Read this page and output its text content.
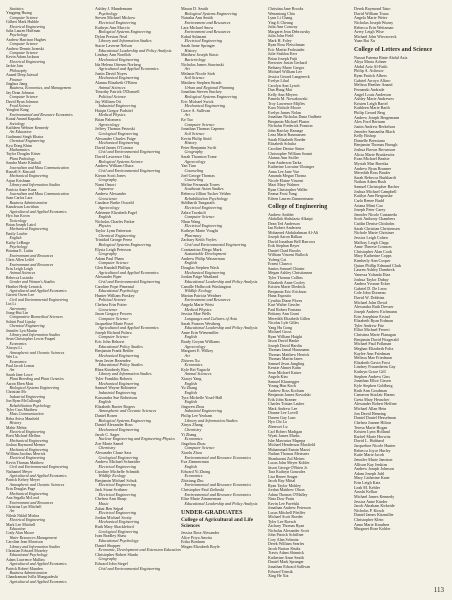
Statistics
Yingping Huang
Computer Science
Gilbert Mark Hubble
Electrical Engineering
Julia Lauren Huffman
Psychology
Andrew Harrison Hughes
Computer Science
Andrew Dennis Iwanski
Computer Science
Kevin Adam Jackson
Electrical Engineering
Jackie Jain
Philosophy
Anand Deep Jaiswal
Finance
Jinghua Jiang
Business, Economics, and Management
Jay Dean Johnson
Computer Science
David Ryan Johnson
Food Science
Yonghui Kang
Environmental and Resource Economics
Kunal Anand Kapadia
Sociology
Kathleen Webster Kennedy
Art Education
Gudimani Singh Khaira
Chemical Engineering
Kyu Dong Khim
Mathematics
Taylor Douglas Kiiser
Plant Pathology
Sandra Marie Kimball
Journalism and Mass Communication
Russell S. Kincaid
Mechanical Engineering
Arjun Krishnan
Library and Information Studies
Patricia Anne Kunz
Journalism and Mass Communication
Juan Carlos Lara
Business Administration
Kanokwan Lawithan
Agricultural and Applied Economics
Hyo Jun Kwon
Toxicology
Brian Joseph Laird
Mechanical Engineering
Emily Lawler
English
Kathy LeBarge
Psychology
Brianna E. Lattin
Environment and Resources
Chris Allen Leffel
Environment and Resources
Erin Leigh Leigh
Animal Sciences
Rebecca Lucinda
Gender and Women's Studies
Heather Hedy Lemrick
Agricultural and Applied Economics
Garrett Owen Lee
Civil and Environmental Engineering
Lin Li
Astronomy
Jiong-Hui Lin
Comparative Biomedical Sciences
Sohini Paul Lipsky
Chemical Engineering
Jennifer Lyn Martin
Library and Information Studies
Sean Christopher Lewis-Faupel
Economics
Xiaoyu Li
Atmospheric and Oceanic Sciences
Wei Lu
Economics
Paul Jacob Lomas
Art
Sarah Jane Lowe
Plant Breeding and Plant Genetics
Aaron Eben Matt
Biological Systems Engineering
Christian Mc
Industrial Engineering
Jon Ryan McCullough
Rehabilitation Psychology
Tyler Cass Matthew
Mass Communication
Reba Aviva Manfield
History
Mahir Mehta
Electrical Engineering
Brett Michael Mellins
Mechanical Engineering
Joshua Raymond Menser
Mechanical Engineering
William Jacobus Merrick
Electrical Engineering
Kevin Thomas Matthew
Civil and Environmental Engineering
Nathaniel Meyer
Agricultural and Applied Economics
Patrick Kelsey Meyer
Atmospheric and Oceanic Sciences
Erin Douglas Page
Mechanical Engineering
Ana Segalla McLeod
Environment and Resources
Christina Lyn Mitchell
Art
Nilesh Nikhil Mishra
Electrical Engineering
Mark Lee Mitchell
Education
Cody Alan Moore
Water Resources Management
Caroline Jean Morrison
Library and Information Studies
Christian Edward Moseley
Educational Psychology
Adam Lawrence Mullins
Agricultural and Applied Economics
Patrick Robert Munden
Business Administration
Chandramani Ivilla Mungsadeshi
Agricultural and Applied Economics
Ashley J. Mundemann
Psychology
Steven Michael Mickow
Electrical Engineering
Kathryn Ann Muccio
Biological Systems Engineering
Dylan Preston Neal
Library and Information Studies
Stacie Laverne Nelson
Educational Leadership and Policy Analysis
Lindsay Ann Nordloh
Mechanical Engineering
Ida Helena Ottesen Norberg
Agricultural and Applied Economics
Justin David Noyes
Mechanical Engineering
Alanna Elizabeth O'Brien
Animal Sciences
Timothy Patrick O'Donnell
Political Science
Jay William Ott
Industrial Engineering
Haiqin Gregor Padsitel
Medical Physics
Brian Palomera
Agroecology
Jeffrey Thomas Petroski
Geological Engineering
Alexander Charles Paige
Mechanical Engineering
David James O'Connor
Civil and Environmental Engineering
David Lawrence Oda
Biological Systems Science
Andrew William Ohara
Civil and Environmental Engineering
Kieran Scott Jones
Geography
Nami Omori
Japanese
Andrew Alexander
Geoscience
Candace Burke Oswald
Agroecology
Adrienne Elizabeth Pagel
English
Nicholas Charles Parker
Physics
Taylor Lynn Patterson
Chemical Engineering
Trinidad George Perez
Biological Systems Engineering
Elysia Leigh Peterson
Geography
Adam Paul Pham
Computer Science
Glen Randall Phillips
Agricultural and Applied Economics
Alexander Piper
Civil and Environmental Engineering
Caroline Pope Pimental
Educational Psychology
Hunter William Pioskey
Political Science
Chelsea Erin Potter
Geoscience
Jason Gregory Powers
Computer Science
Jacqueline Marie Pozzi
Agricultural and Applied Economics
Joseph Richard Pulera
Computer Science
Eric John Rehorst
Educational Policy Studies
Benjamin Frank Rettler
Mechanical Engineering
Sean Javier Rezendez
Educational Policy Studies
Rhea Kimberly Rios
Library and Information Studies
Tyler Franklin Roberts
Mechanical Engineering
Samuel Wayne Robinette
Industrial Engineering
Kassandra Sue Robertson
English
Elizabeth Rueter Rogers
Atmospheric and Oceanic Sciences
Daniel Rosen
Biological Systems Engineering
Daniel Alexander Ross
Mechanical Engineering
Jacob C. Sager
Nuclear Engineering and Engineering Physics
Zoe Marie Samel
Chemistry
Alexander Chase Sass
Geological Engineering
Andrew Michael Schneider
Electrical Engineering
Caroline Michelle Schmidt
Wildlife Ecology
Benjamin Michael Schuk
Electrical Engineering
Jack Stone Scribner
Electrical Engineering
Chelsea Ann Sharp
Music
Zuhai Ben Sejpal
Electrical Engineering
Jordan Michael Scotty
Mechanical Engineering
Ruth Mary Shackleford
Geological Engineering
Ivan Bradley Shaw
Educational Psychology
Daniel Shopper
Economic, Development and Extension Education
Christopher Robert Shuda
Geography
Edward John Siegel
Civil and Environmental Engineering
Mason D. Smith
Biological Systems Engineering
Natasha Ann Smith
Environment and Resources
Lara Michael Snow
Environment and Resources
Kabul Solanani
Electrical Engineering
Sarah Irene Springer
History
Matthew Joseph Stasic
Bacteriology
Nicholas James Stawinski
Art
Melanie Nicole Stob
Soil Science
Matthew Stephen Straub
Urban and Regional Planning
Jonathan Steven Stuckey
Biological Systems Engineering
Eric Michael Swick
Mechanical Engineering
Grace A. Sullivan
Art
Ke Tao
Computer Science
Jonathan Thomas Capener
Soil Science
Kevin Philip Stoid
History
Peter Benjamin Swift
Geography
Sarah Thornton Tome
Agroecology
Yan Tian
Counseling
Joel George Thomas
Counseling
Melise Fernanda Torres
Southeast Asian Studies
Rebecca Jillian Tucker Velden
Rehabilitation Psychology
Siddharth Tungarath
Electrical Engineering
Zahra Tavakoli
Computer Science
Nhan Wang
Electrical Engineering
Kathryn Marie Vought
Pharmacy
Zachary Keith Voyles
Civil and Environmental Engineering
Constantino Diego Mark
Sustainable Development
Andrew Philip Wasserman
English
Douglas Stephen Wash
Mechanical Engineering
Jordan Paige Waatland
Educational Leadership and Policy Analysis
Camille Holbrook Washington
Wildlife Ecology
Marian Patricia Weidner
Environment and Resources
Angela Marie Weist
Medical Physics
Jessica Mae Wells
Languages and Cultures of Asia
Sarah Frances Westberg
Educational Leadership and Policy Analysis
Anne Erin Wiesemiller
English
Brady Gwynn Williams
Agroecology
Margaret E. Wilkey
Art
Zhiwen Xu
Economics
Kyle Rei Yaguchi
Animal Sciences
Xiaoyi Yang
English
Yu Zhang
English
Tyra Michelle Yourl-Hall
English
Jingwen Zhou
Industrial Engineering
Philip Lee Yeoham
Library and Information Studies
Xinyu Zhang
Chemistry
Yi Zhang
Economics
Jingzhou Zhou
Computer Science
Xiaolu Zhou
Environmental and Resource Economics
Eva Zimmerman
English
Edward Yi Zhong
Economics
Zhixiang Zhu
Environmental and Resource Economics
Christopher Paul Zielinski
Environmental and Resource Economics
Elise Marie Zimmerman
Educational Leadership and Policy Analysis
UNDER-GRADUATES
College of Agricultural and Life Sciences
Jessica Rose Alexander
Alice Priya Amrita
Erika Bonham
Megan Elizabeth Boyle
Christina Jane Brooks
Wenantong Chia
Lynn Li Chang
Ying Ji Cheung
Julia Ann Conway
Margaret Jean Debrowsky
Julia John Field
Mark H. Foley
Ryan Ross Fleischman
Eric Martin Frohstader
Julie Stablon Kerr
Brian Joseph Fujii
Brewster Justin Gerhard
Bethany Marie Gregor
Michael William Lee
Jessica Gerard Langeneck
Evelyn Lilad
Carolyn Ann Lynch
Dan Hung Mai
Kelly Ann Meyers
Pamela M. Nowakowski
Troy Lawrence Mijfles
Kara Nichole Moore
Evelyn James Nolan
Jonathan Nicholas Dana Oudbete
Benjamin Michael Plaster
Nicholas Frederick Ponsion
John Barclay Ramage
Lena Marie Rasmussen
Sarah Elizabeth Roeder
Elizabeth Schultz
Caroline Denise Sinter
Christopher William Soumi
Alanna Ann Stoller
Ivan Anderson Tarka
Katherine Lorraine Ubsinger
Anna Lee Jane Vue
Amanda Megan Thoma
Nicole Elaine Vincent
Mazi Mary Walmer
Ryan Christopher Waller
Emma Frost Yang
Eileen Lauren Zimmermann
College of Engineering
Andrew Ambler
Abdallah Abdulaziz Alkaipi
Dean Ted Anderson
Ian Robert Andersen
Mohamed Abdulrahman Al-Ali
Joseph Aaron Balkau
David Jonathan Bell Barrows
Erik Stephan Beyer
Daniel Chad Brooks
William Vincent Bullock
Yufeng Cai
Ernest Claseco
Santos Samuel Chinter
Megan Ashley Christiansen
Tyler Thomas Collins
Elizabeth Anne Cooley
Kristen Marie Diedrick
Benjamin Eric Erickson
Hana Esposito
Cynthia Diane Flores
Kurt Walter Gessler
Paul Robert Fontana
Brittany Ann Grant
Meredith Elizabeth Gillen
Nicolas Lyle Gilles
Yang Hu Gong
Michael Gross
Ryan William Haight
Jason David Hanke
Joseph David Hardin
Thomas Jamal Hausmann
Thomas Matthew Herrick
Thomas Martin Janes
Samuel Jesus Jungling
Kenzie Ahmet Kahn
Sean Michael Kaiser
Angela Kim
Samuel Klausegger
Young Hun Koch
Andrew Ross Kocham
Benjamin James Kowalski
Erik John Kramer
Charles Tristan Lasher
Mark Andrew Lee
Dianne Lee Lovell
Darren Guy Lum
Hyo Chi Lo
Zhenwei Lu
Carl Robert Madigan
Wyatt James Marks
Ishe Mawarira Mapepa
Michael Henderson Maxfield
Muhammad Eamin Mazoi
Nathan Thomas Meissner
Shanhaomi Zul Meirm
Lucas John Meyer Kohler
Jason George O'Brien Jr.
Tara Kathryn Gonzalez
Lisa Renee Seager
Jacob Ray Mittal
Ryan Taylor Mobley
Jordan Matthew Olson
Adam Thomas O'Malley
Nina Dow Prain
Kevin Lee Pavelski
Jonathan Andrew Peterson
Lucas Mitchell Pfeiffer
Michael Scott Roeder
Tyler Lee Roesch
Zachary Thomas Ryan
Nicholas Alexander Scott
John Patrick Schiffner
Cory Alan Schmitz
Derek William Searles
Jacob Burton Shultz
Travis Adam Shinnick
Katherine Anne Smith
Daniel Mark Spranger
Jonathan Edward Sullivan
Edward Trinsik
Xing He Xia
Derek Raymond Tatro
David William Truax
Angela Marie Weier
Nicholas Joseph Wozny
Rebecca Erin Weitzman
Avery Leigh Wise
Michael John Wieczoreck
Yuan Bai Xu
College of Letters and Science
Nusrat Fatema Binte Abdul Aziz
Aliya Maria Achner
Abdul Aziz Al-Fatih
Philip A. Aclimov
Ryan Patrick Albers
Gabriel Arroyo Alfaro
Melissa Heather Anand
Fernando Andrade
Angel Louis Anderson
Ashley Marie Andrewes
Kristen Leigh Bartel
Kathleen Marie Barth
Philip Gerard Berg
Andrew Joseph Bergemann
Alex Ford Bertram
Justin Andrew Berkelson
Jennifer Samantha Black
Kelly Bishop
Danielle Bressiano
Benjamin Thomas Brough
Joshua Brown Brownson
Alicia Marie Bruskewitz
Evan Michael Beattie
Myriah Mae Boretka
Andrew Ryan Brunner
Meredith Ross Bruder
Sarah Rebecca Burkhardt
Nathan Adam Bush
Samuel Christopher Bacher
Joshua Michael Campbell
Kaitlyn Ann Bergonske
Carla Renee Budd
Ariana Mimi Cao
Joseph Peter Carey
Jennifer Nicole Castaneda
Scott Anthony Chambers
Caitlin Denise Chisholm
Sarah Christian Christensen
Nichole Marie Christner
Jessica Leigh Cohen
Mallory Leigh Clapp
Anne Therese Connors
Christopher Alan Cook
Mary Katherine Copps
Kimberly Ann Cooper
Quinn Phillip Edmund Clark
Lauren Ashley Dambeck
Vanessa Yolanda Diaz
Joshua Taylor Dubay
Andrea Yvonne Ecker
Gabriel D. De Leon
Cole John Dorneau
David W. Dobbins
Michael John Dowd
Alexandra Ruth Dresser
Joseph Andrew Eichmann
Erin Josephine Erstad
Elizabeth Ryan Erdman
Tyler Andrew Fitz
Elliot Michael Ferreri
Christina Marie Flanagan
Benjamin David Fitzgerald
Michael Paul Folkman
Meghan Elizabeth Foltz
Kaylee Ann Friedman
Melissa Mae Friedman
Elizabeth Gavin Frost
Lindsey Frauenheim Gay
Kathryn Grace Gill
Stephen Andrew Gins
Jonathan Elliot Gissen
Kyle Stephen Goldberg
Ruth Ann Goodman
Cameron Sinclair Harms
Greta Mary Heuscher
Alexander Robert Heffner
Michael Allan Hein
Jon David Henning
Daniel Daniel Hesselman
Chelsea Joanne Hilton
Teresa Marie Hogan
Kristen Lynn Holland
Rachel Marie Horwitz
David L. Hubbard
Jacqueline Nicole Hunter
Rebecca Joyce Hurley
Katie Marie Jacob
Jennifer Marie Jamison
Allison Kay Jenkins
Andrew Joseph Johnson
Adam Joseph Juhl
Mary Catherine Kane
Erin Leigh Katz
Leah M. Kehler
Arushi Kelkar
Michael James Kennedy
Jessica Anne Kinder
Jacob Abraham Kirkeide
Nicholas P. Kirsch
Daniel James Kitzmiller
Christopher Klein
Anna Marie Knudsen
Margaret Rose Kohler
113
